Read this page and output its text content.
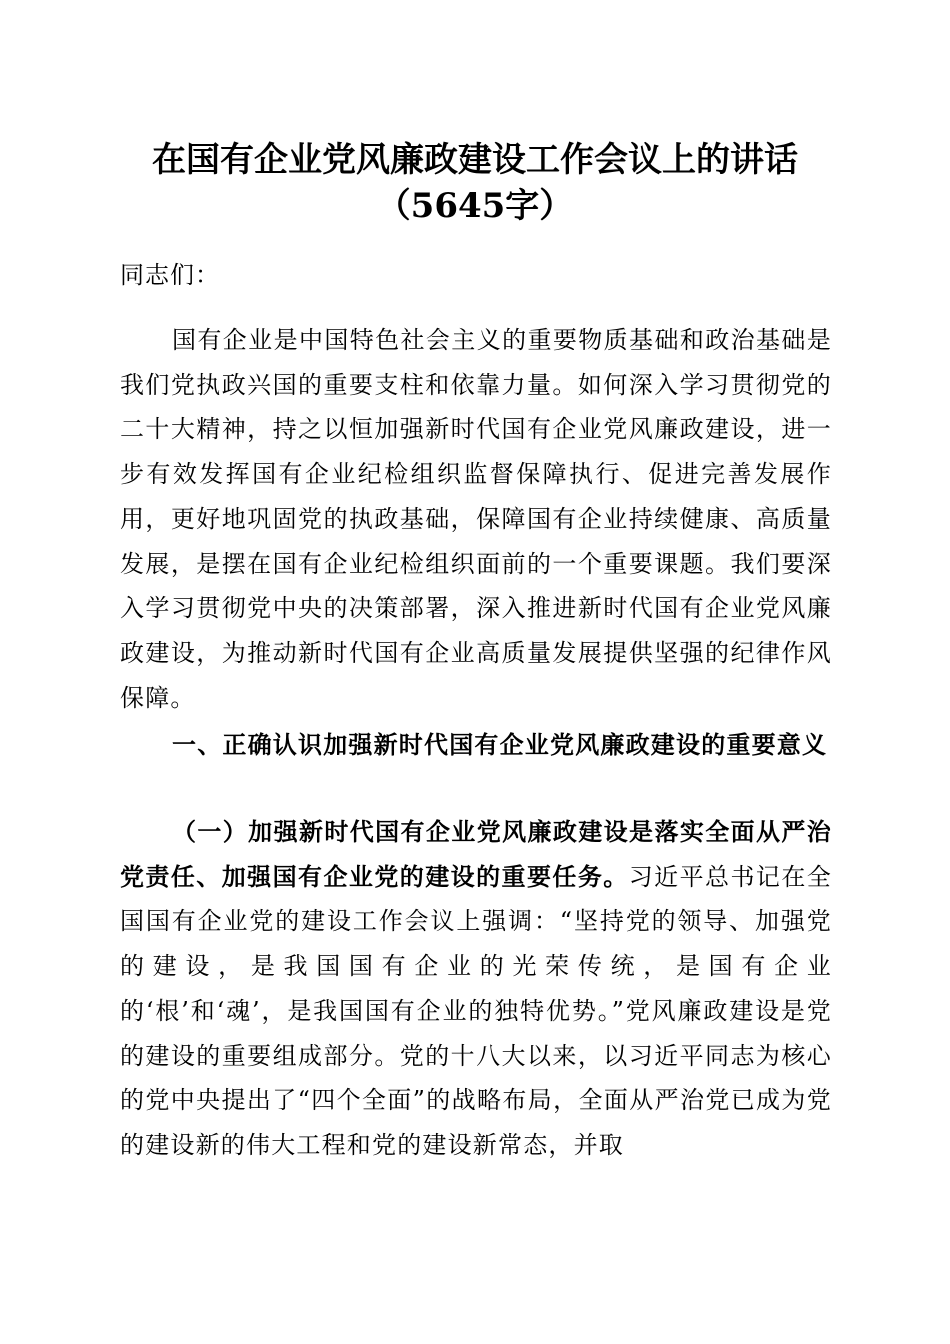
在国有企业党风廉政建设工作会议上的讲话
（5645字）
同志们：
国有企业是中国特色社会主义的重要物质基础和政治基础是我们党执政兴国的重要支柱和依靠力量。如何深入学习贯彻党的二十大精神，持之以恒加强新时代国有企业党风廉政建设，进一步有效发挥国有企业纪检组织监督保障执行、促进完善发展作用，更好地巩固党的执政基础，保障国有企业持续健康、高质量发展，是摆在国有企业纪检组织面前的一个重要课题。我们要深入学习贯彻党中央的决策部署，深入推进新时代国有企业党风廉政建设，为推动新时代国有企业高质量发展提供坚强的纪律作风保障。
一、正确认识加强新时代国有企业党风廉政建设的重要意义
（一）加强新时代国有企业党风廉政建设是落实全面从严治党责任、加强国有企业党的建设的重要任务。习近平总书记在全国国有企业党的建设工作会议上强调：“坚持党的领导、加强党的建设，是我国国有企业的光荣传统，是国有企业的‘根’和‘魂’，是我国国有企业的独特优势。”党风廉政建设是党的建设的重要组成部分。党的十八大以来，以习近平同志为核心的党中央提出了“四个全面”的战略布局，全面从严治党已成为党的建设新的伟大工程和党的建设新常态，并取
